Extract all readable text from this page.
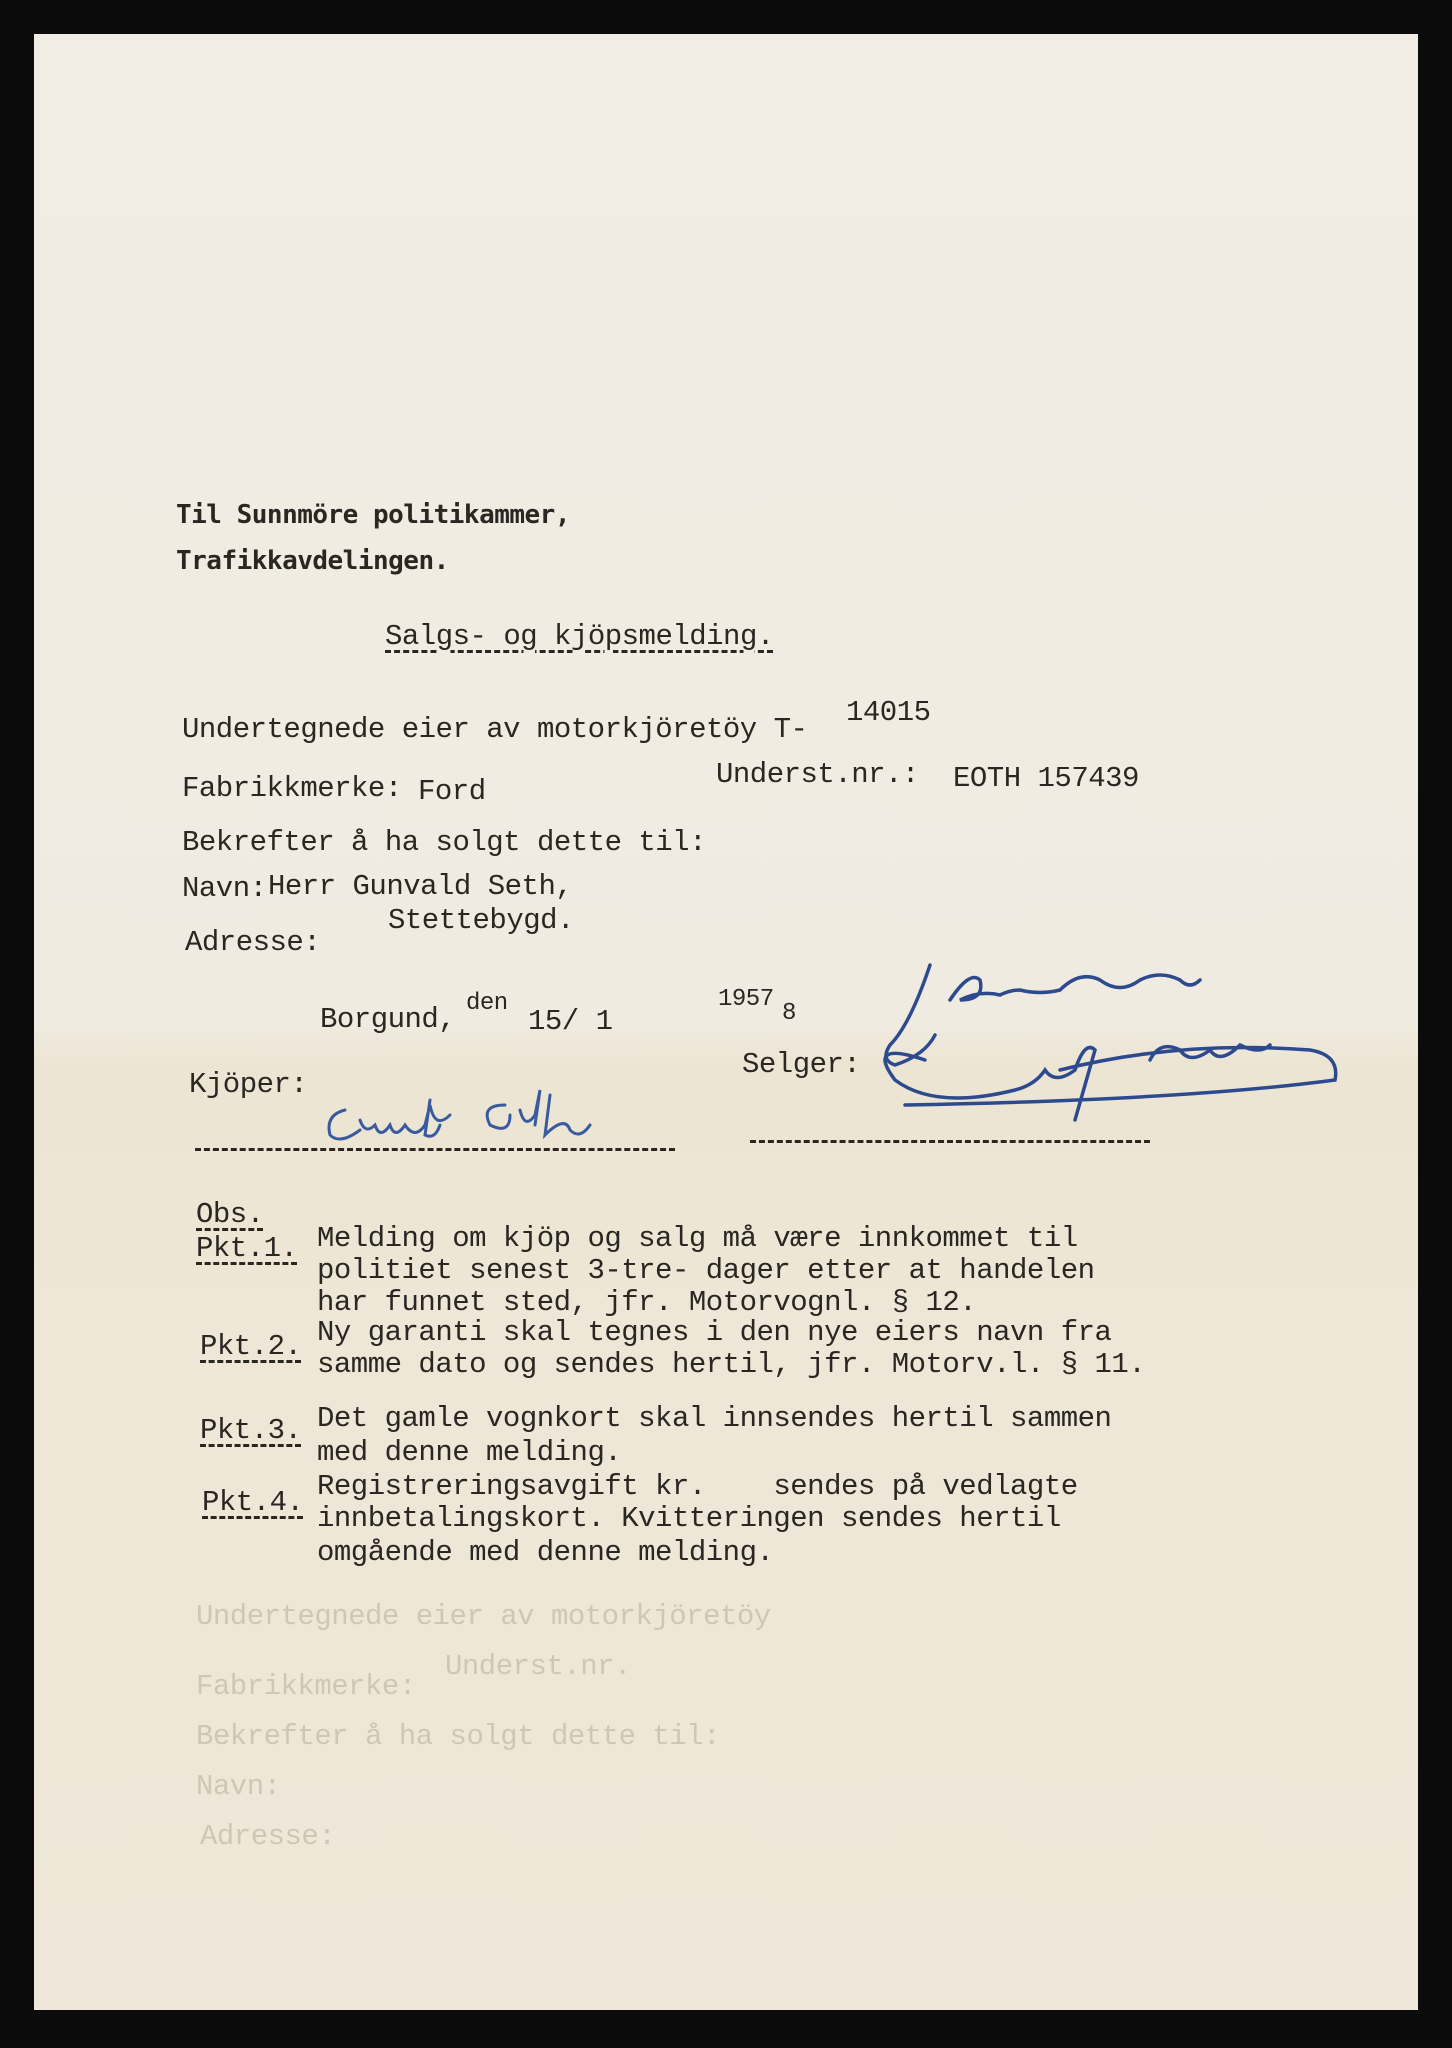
Til Sunnmöre politikammer,
Trafikkavdelingen.
Salgs- og kjöpsmelding.
Undertegnede eier av motorkjöretöy T-
14015
Fabrikkmerke: Ford
Underst.nr.: EOTH 157439
Bekrefter å ha solgt dette til:
Navn: Herr Gunvald Seth,
Adresse:
Stettebygd.
Borgund, den
15/ 1
1957
8
Selger:
Kjöper:
Obs.
Pkt.1. Melding om kjöp og salg må være innkommet til
politiet senest 3-tre- dager etter at handelen
har funnet sted, jfr. Motorvognl. § 12.
Pkt.2. Ny garanti skal tegnes i den nye eiers navn fra
samme dato og sendes hertil, jfr. Motorv.l. § 11.
Pkt.3. Det gamle vognkort skal innsendes hertil sammen
med denne melding.
Pkt.4. Registreringsavgift kr.    sendes på vedlagte
innbetalingskort. Kvitteringen sendes hertil
omgående med denne melding.
Undertegnede eier av motorkjöretöy
Underst.nr.
Fabrikkmerke:
Bekrefter å ha solgt dette til:
Navn:
Adresse:
